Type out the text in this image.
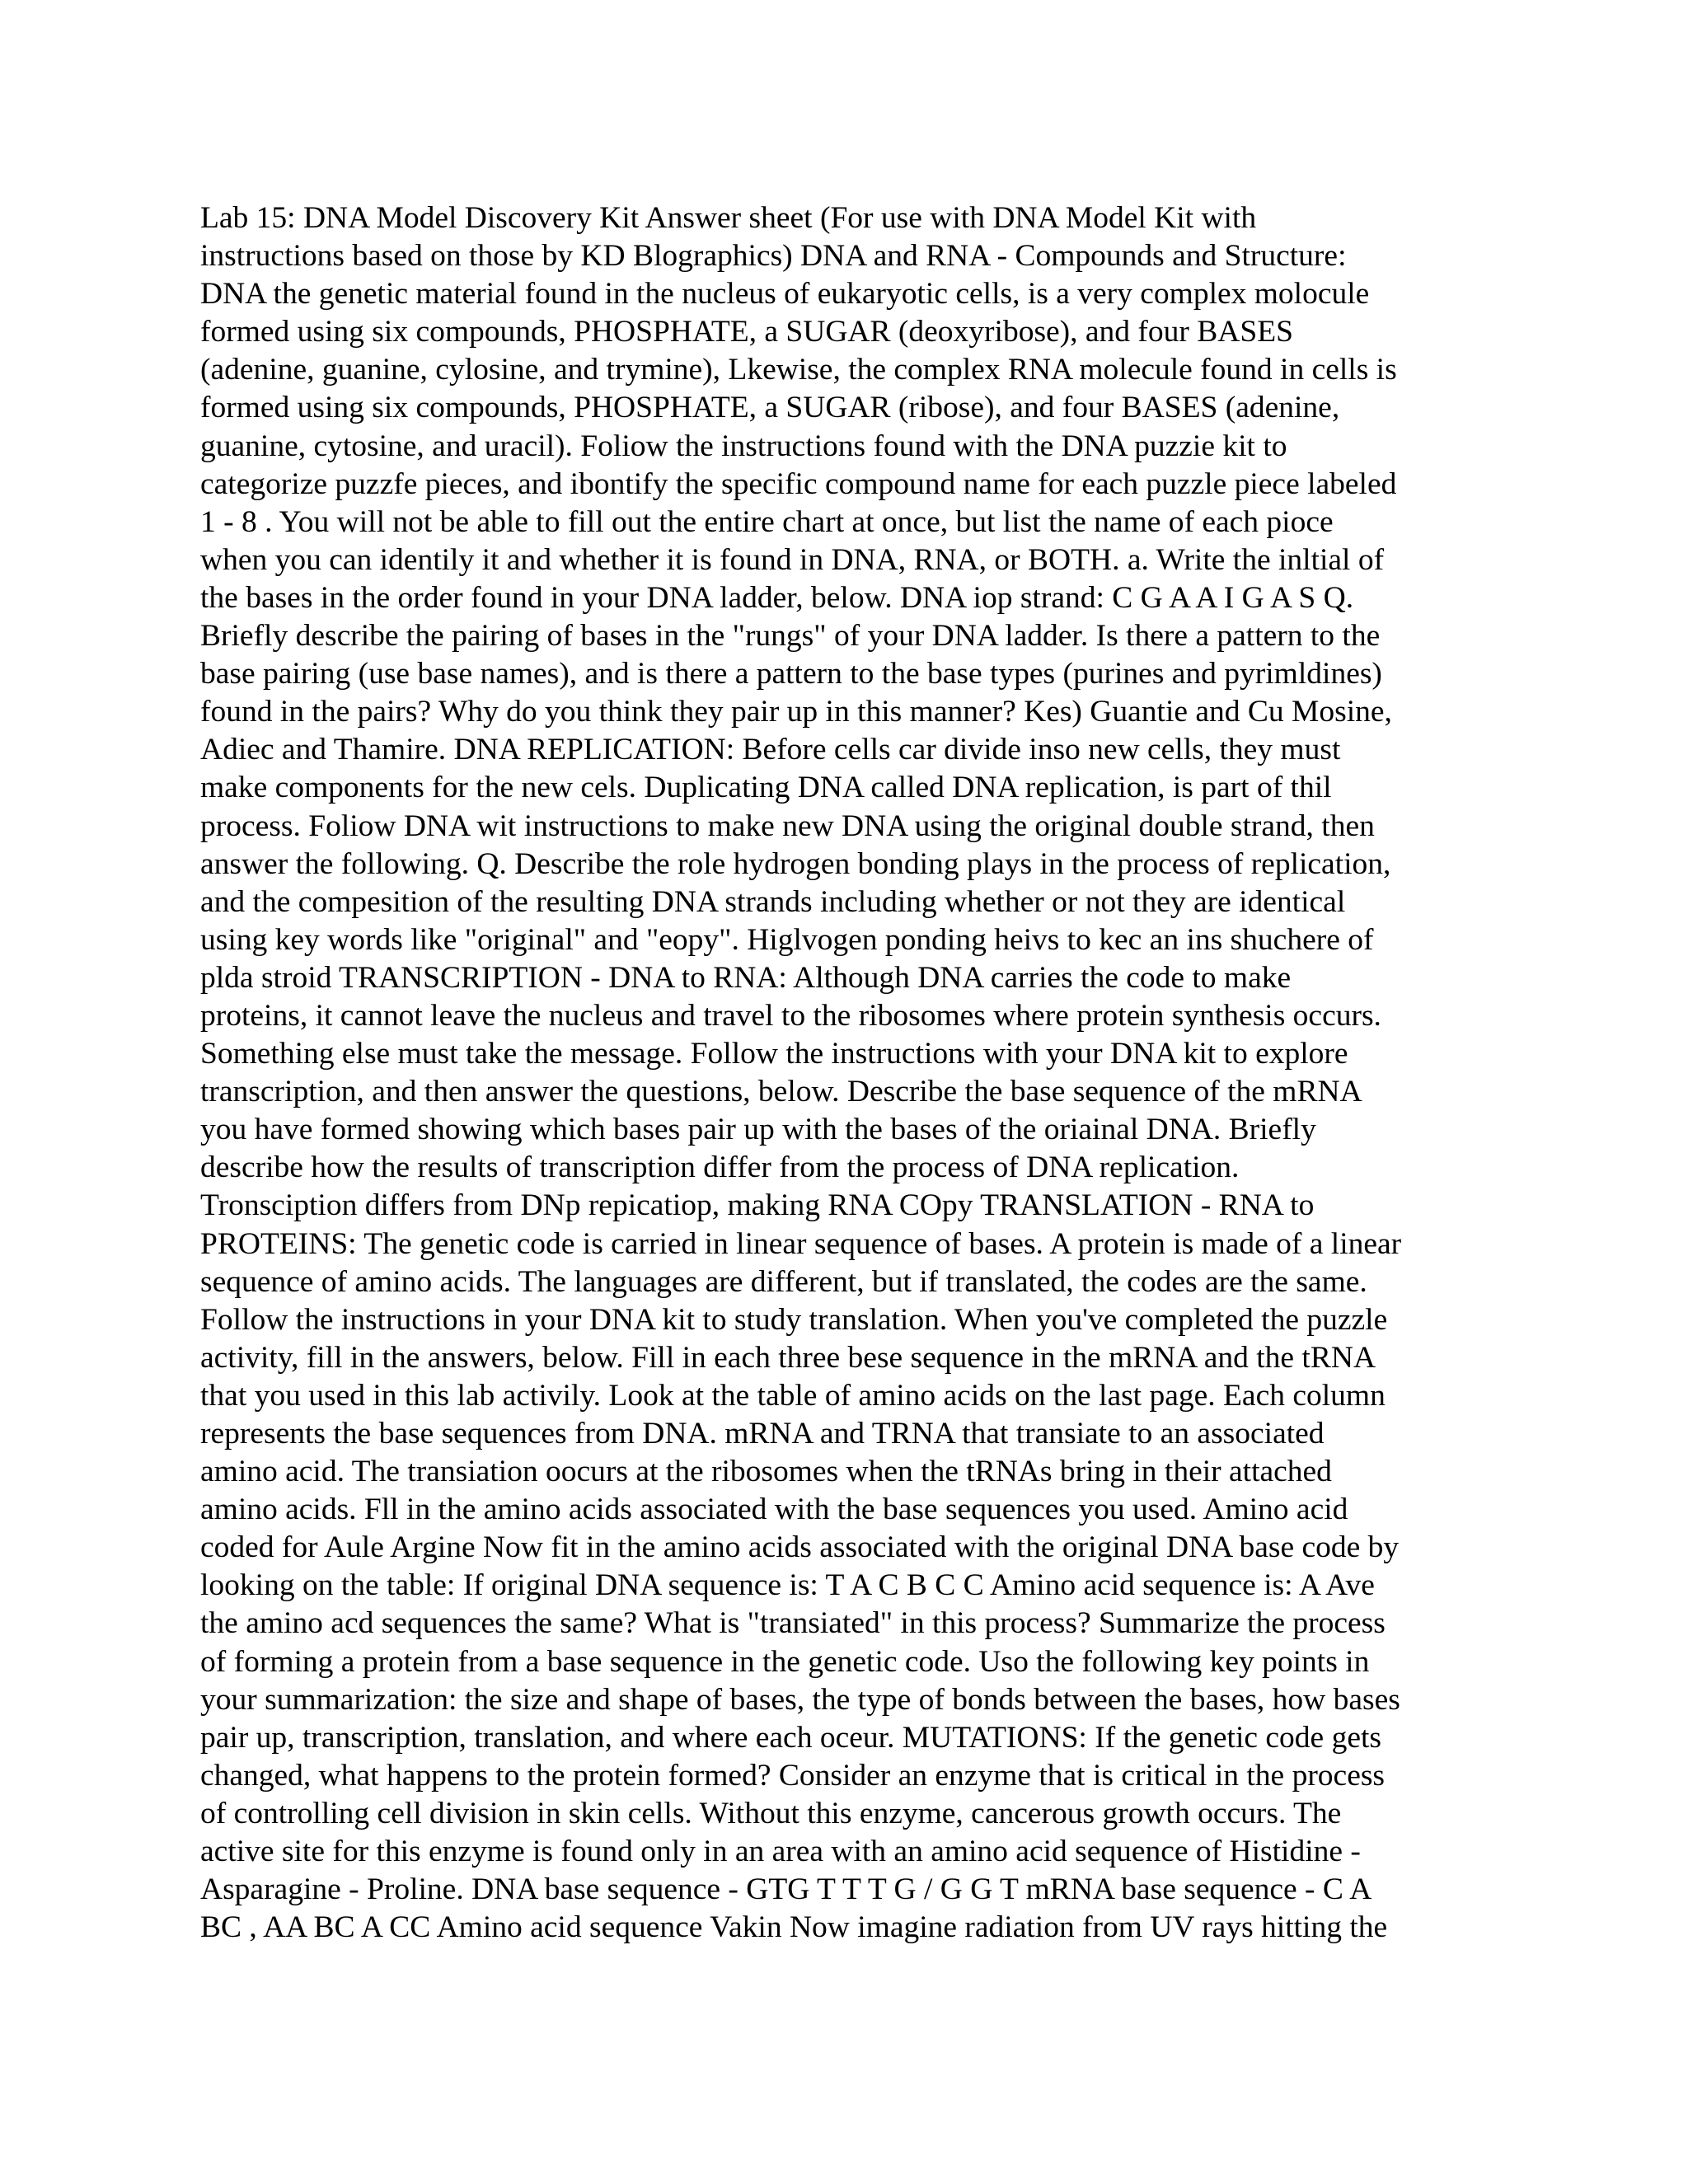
Lab 15: DNA Model Discovery Kit Answer sheet (For use with DNA Model Kit with
instructions based on those by KD Blographics) DNA and RNA - Compounds and Structure:
DNA the genetic material found in the nucleus of eukaryotic cells, is a very complex molocule
formed using six compounds, PHOSPHATE, a SUGAR (deoxyribose), and four BASES
(adenine, guanine, cylosine, and trymine), Lkewise, the complex RNA molecule found in cells is
formed using six compounds, PHOSPHATE, a SUGAR (ribose), and four BASES (adenine,
guanine, cytosine, and uracil). Foliow the instructions found with the DNA puzzie kit to
categorize puzzfe pieces, and ibontify the specific compound name for each puzzle piece labeled
1 - 8 . You will not be able to fill out the entire chart at once, but list the name of each pioce
when you can identily it and whether it is found in DNA, RNA, or BOTH. a. Write the inltial of
the bases in the order found in your DNA ladder, below. DNA iop strand: C G A A I G A S Q.
Briefly describe the pairing of bases in the "rungs" of your DNA ladder. Is there a pattern to the
base pairing (use base names), and is there a pattern to the base types (purines and pyrimldines)
found in the pairs? Why do you think they pair up in this manner? Kes) Guantie and Cu Mosine,
Adiec and Thamire. DNA REPLICATION: Before cells car divide inso new cells, they must
make components for the new cels. Duplicating DNA called DNA replication, is part of thil
process. Foliow DNA wit instructions to make new DNA using the original double strand, then
answer the following. Q. Describe the role hydrogen bonding plays in the process of replication,
and the compesition of the resulting DNA strands including whether or not they are identical
using key words like "original" and "eopy". Higlvogen ponding heivs to kec an ins shuchere of
plda stroid TRANSCRIPTION - DNA to RNA: Although DNA carries the code to make
proteins, it cannot leave the nucleus and travel to the ribosomes where protein synthesis occurs.
Something else must take the message. Follow the instructions with your DNA kit to explore
transcription, and then answer the questions, below. Describe the base sequence of the mRNA
you have formed showing which bases pair up with the bases of the oriainal DNA. Briefly
describe how the results of transcription differ from the process of DNA replication.
Tronsciption differs from DNp repicatiop, making RNA COpy TRANSLATION - RNA to
PROTEINS: The genetic code is carried in linear sequence of bases. A protein is made of a linear
sequence of amino acids. The languages are different, but if translated, the codes are the same.
Follow the instructions in your DNA kit to study translation. When you've completed the puzzle
activity, fill in the answers, below. Fill in each three bese sequence in the mRNA and the tRNA
that you used in this lab activily. Look at the table of amino acids on the last page. Each column
represents the base sequences from DNA. mRNA and TRNA that transiate to an associated
amino acid. The transiation oocurs at the ribosomes when the tRNAs bring in their attached
amino acids. Fll in the amino acids associated with the base sequences you used. Amino acid
coded for Aule Argine Now fit in the amino acids associated with the original DNA base code by
looking on the table: If original DNA sequence is: T A C B C C Amino acid sequence is: A Ave
the amino acd sequences the same? What is "transiated" in this process? Summarize the process
of forming a protein from a base sequence in the genetic code. Uso the following key points in
your summarization: the size and shape of bases, the type of bonds between the bases, how bases
pair up, transcription, translation, and where each oceur. MUTATIONS: If the genetic code gets
changed, what happens to the protein formed? Consider an enzyme that is critical in the process
of controlling cell division in skin cells. Without this enzyme, cancerous growth occurs. The
active site for this enzyme is found only in an area with an amino acid sequence of Histidine -
Asparagine - Proline. DNA base sequence - GTG T T T G / G G T mRNA base sequence - C A
BC , AA BC A CC Amino acid sequence Vakin Now imagine radiation from UV rays hitting the
